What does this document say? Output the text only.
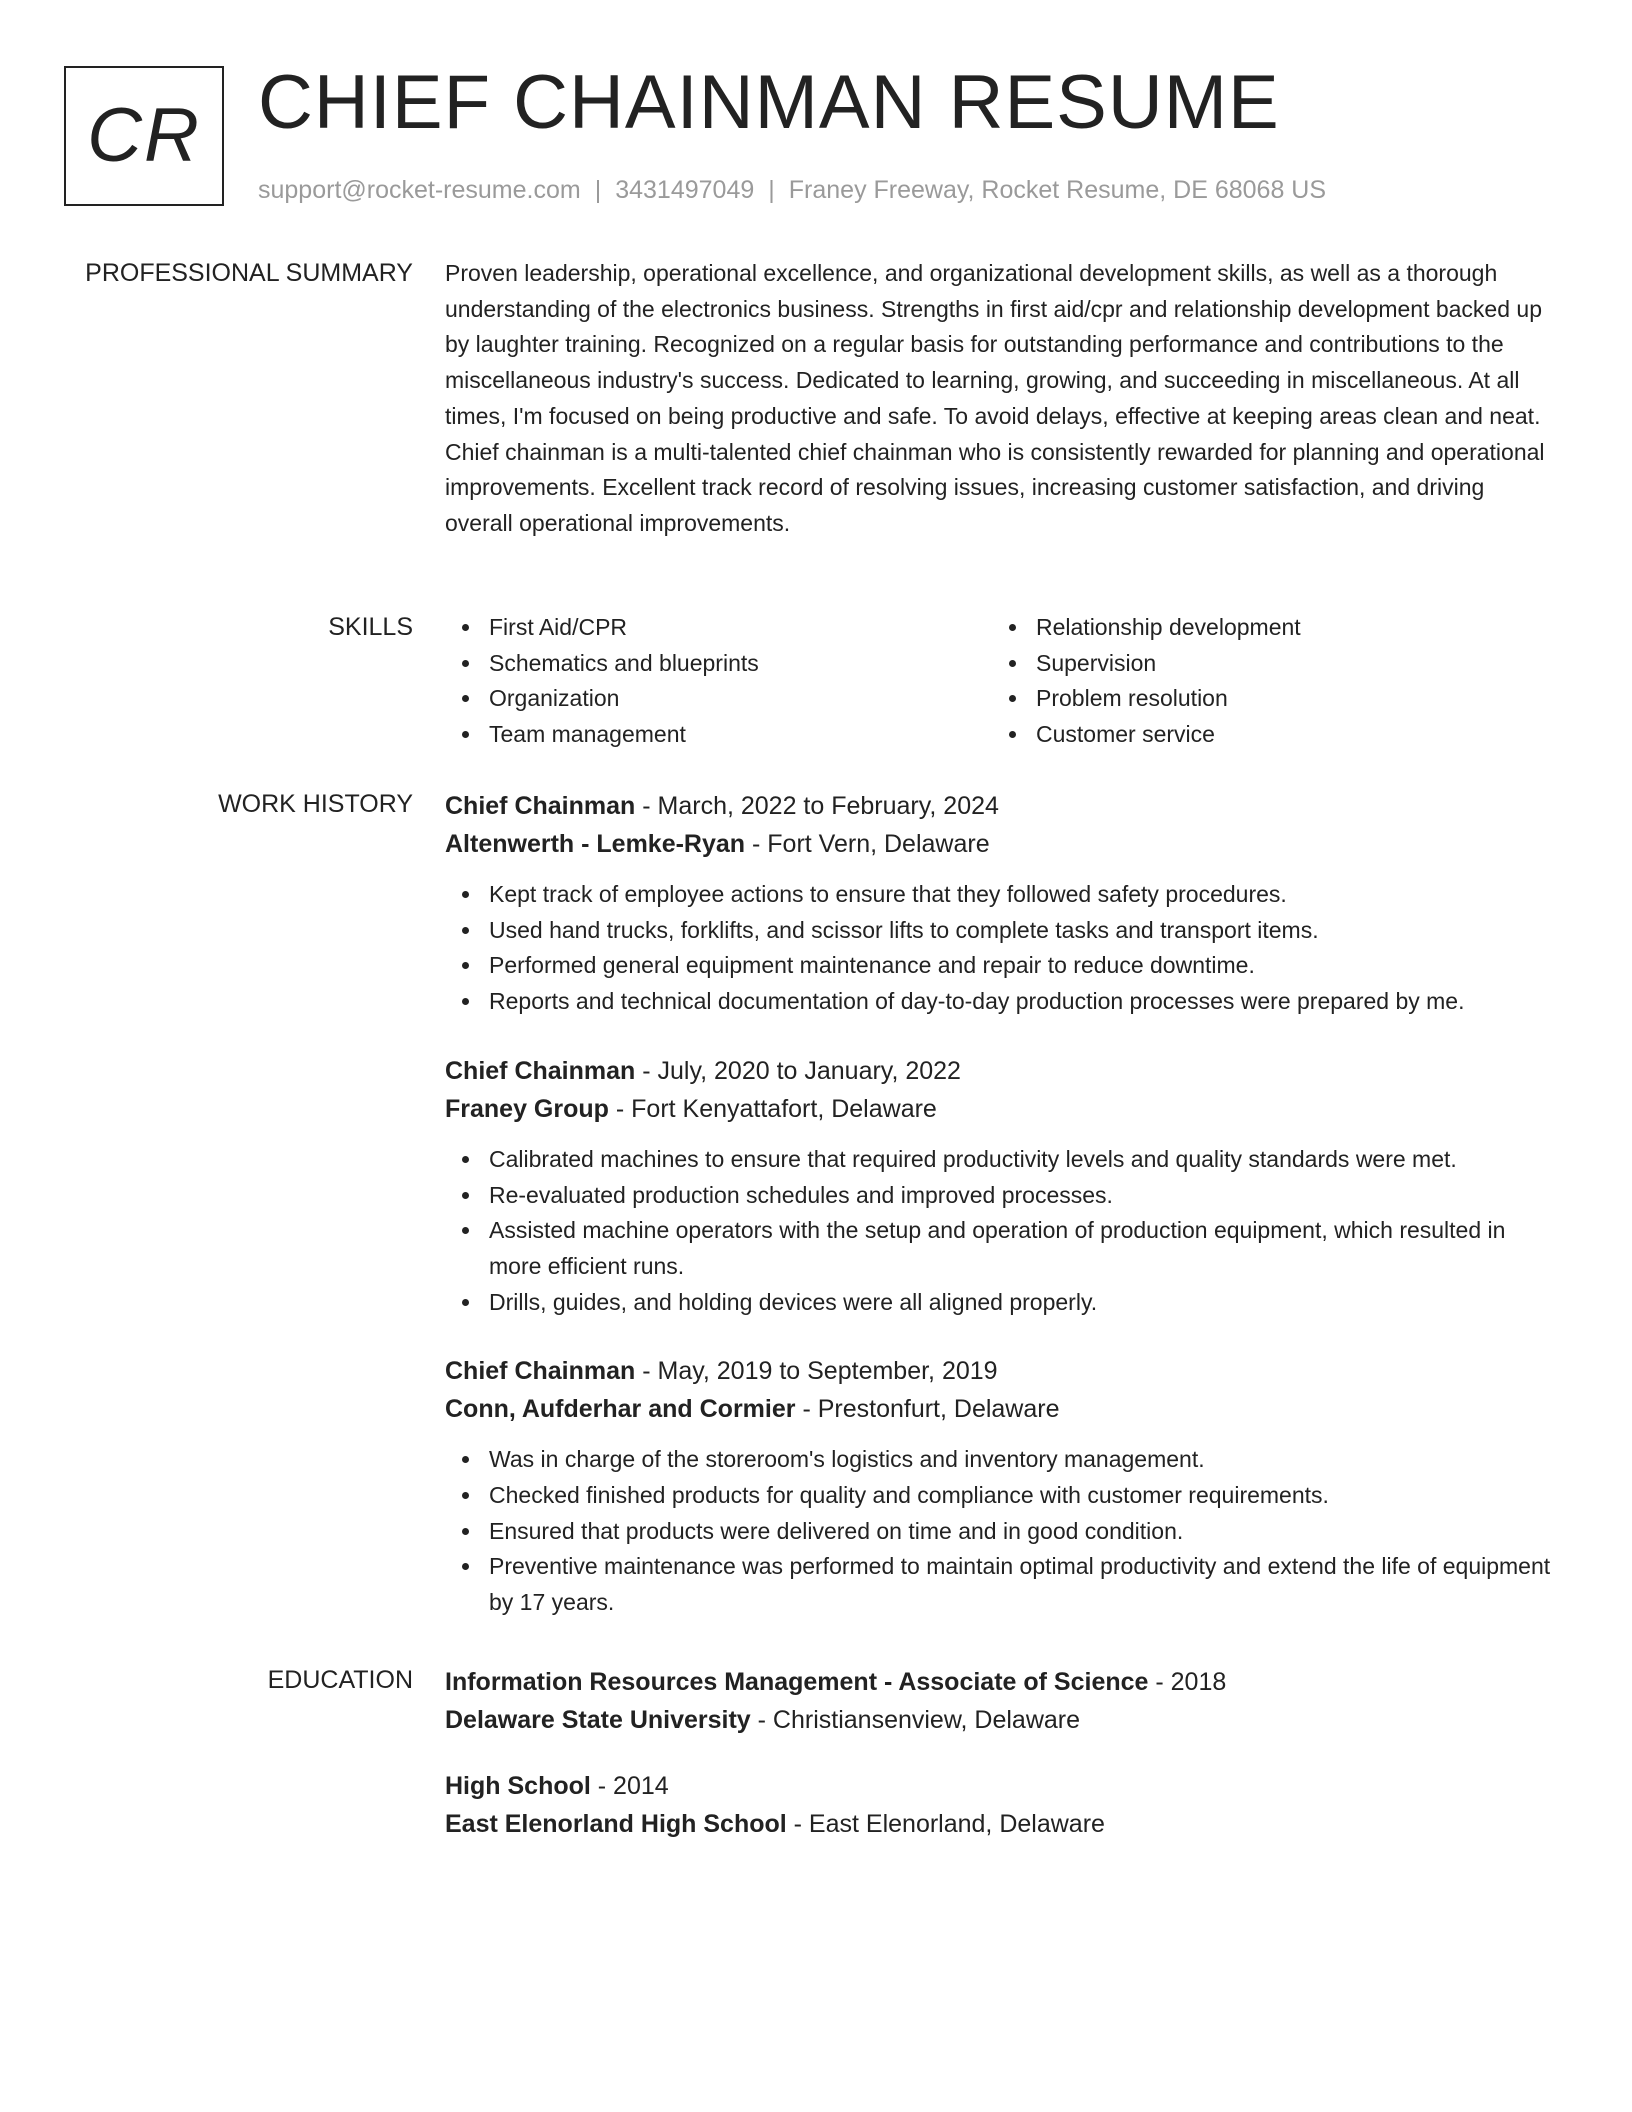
CR CHIEF CHAINMAN RESUME
support@rocket-resume.com | 3431497049 | Franey Freeway, Rocket Resume, DE 68068 US
PROFESSIONAL SUMMARY Proven leadership, operational excellence, and organizational development skills, as well as a thorough understanding of the electronics business. Strengths in first aid/cpr and relationship development backed up by laughter training. Recognized on a regular basis for outstanding performance and contributions to the miscellaneous industry's success. Dedicated to learning, growing, and succeeding in miscellaneous. At all times, I'm focused on being productive and safe. To avoid delays, effective at keeping areas clean and neat. Chief chainman is a multi-talented chief chainman who is consistently rewarded for planning and operational improvements. Excellent track record of resolving issues, increasing customer satisfaction, and driving overall operational improvements.

SKILLS	First Aid/CPR
Schematics and blueprints
Organization
Team management
Relationship development
Supervision
Problem resolution
Customer service
WORK HISTORY Chief Chainman - March, 2022 to February, 2024
Altenwerth - Lemke-Ryan - Fort Vern, Delaware
Kept track of employee actions to ensure that they followed safety procedures.
Used hand trucks, forklifts, and scissor lifts to complete tasks and transport items.
Performed general equipment maintenance and repair to reduce downtime.
Reports and technical documentation of day-to-day production processes were prepared by me.
Chief Chainman - July, 2020 to January, 2022
Franey Group - Fort Kenyattafort, Delaware
Calibrated machines to ensure that required productivity levels and quality standards were met.
Re-evaluated production schedules and improved processes.
Assisted machine operators with the setup and operation of production equipment, which resulted in more efficient runs.
Drills, guides, and holding devices were all aligned properly.
Chief Chainman - May, 2019 to September, 2019
Conn, Aufderhar and Cormier - Prestonfurt, Delaware
Was in charge of the storeroom's logistics and inventory management.
Checked finished products for quality and compliance with customer requirements.
Ensured that products were delivered on time and in good condition.
Preventive maintenance was performed to maintain optimal productivity and extend the life of equipment by 17 years.
EDUCATION Information Resources Management - Associate of Science - 2018
Delaware State University - Christiansenview, Delaware
High School - 2014
East Elenorland High School - East Elenorland, Delaware
